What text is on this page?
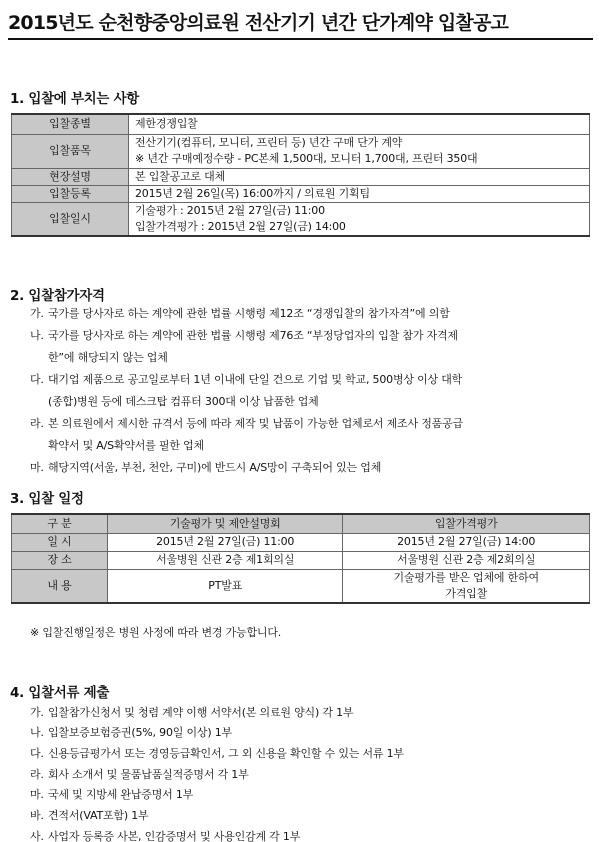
2015년도 순천향중앙의료원 전산기기 년간 단가계약 입찰공고
1. 입찰에 부치는 사항
입찰종별	제한경쟁입찰
입찰품목	전산기기(컴퓨터, 모니터, 프린터 등) 년간 구매 단가 계약
※ 년간 구매예정수량 - PC본체 1,500대, 모니터 1,700대, 프린터 350대

현장설명	본 입찰공고로 대체
입찰등록	2015년 2월 26일(목) 16:00까지 / 의료원 기획팀
입찰일시	기술평가 : 2015년 2월 27일(금) 11:00
입찰가격평가 : 2015년 2월 27일(금) 14:00
2. 입찰참가자격
가. 국가를 당사자로 하는 계약에 관한 법률 시행령 제12조 “경쟁입찰의 참가자격”에 의함
나. 국가를 당사자로 하는 계약에 관한 법률 시행령 제76조 “부정당업자의 입찰 참가 자격제
한”에 해당되지 않는 업체
다. 대기업 제품으로 공고일로부터 1년 이내에 단일 건으로 기업 및 학교, 500병상 이상 대학
(종합)병원 등에 데스크탑 컴퓨터 300대 이상 납품한 업체
라. 본 의료원에서 제시한 규격서 등에 따라 제작 및 납품이 가능한 업체로서 제조사 정품공급
확약서 및 A/S확약서를 필한 업체
마. 해당지역(서울, 부천, 천안, 구미)에 반드시 A/S망이 구축되어 있는 업체
3. 입찰 일정
구 분	기술평가 및 제안설명회	입찰가격평가
일 시	2015년 2월 27일(금) 11:00	2015년 2월 27일(금) 14:00
장 소	서울병원 신관 2층 제1회의실	서울병원 신관 2층 제2회의실
내 용	PT발표	기술평가를 받은 업체에 한하여
가격입찰
※ 입찰진행일정은 병원 사정에 따라 변경 가능합니다.
4. 입찰서류 제출
가. 입찰참가신청서 및 청렴 계약 이행 서약서(본 의료원 양식) 각 1부
나. 입찰보증보험증권(5%, 90일 이상) 1부
다. 신용등급평가서 또는 경영등급확인서, 그 외 신용을 확인할 수 있는 서류 1부
라. 회사 소개서 및 물품납품실적증명서 각 1부
마. 국세 및 지방세 완납증명서 1부
바. 견적서(VAT포함) 1부
사. 사업자 등록증 사본, 인감증명서 및 사용인감계 각 1부
